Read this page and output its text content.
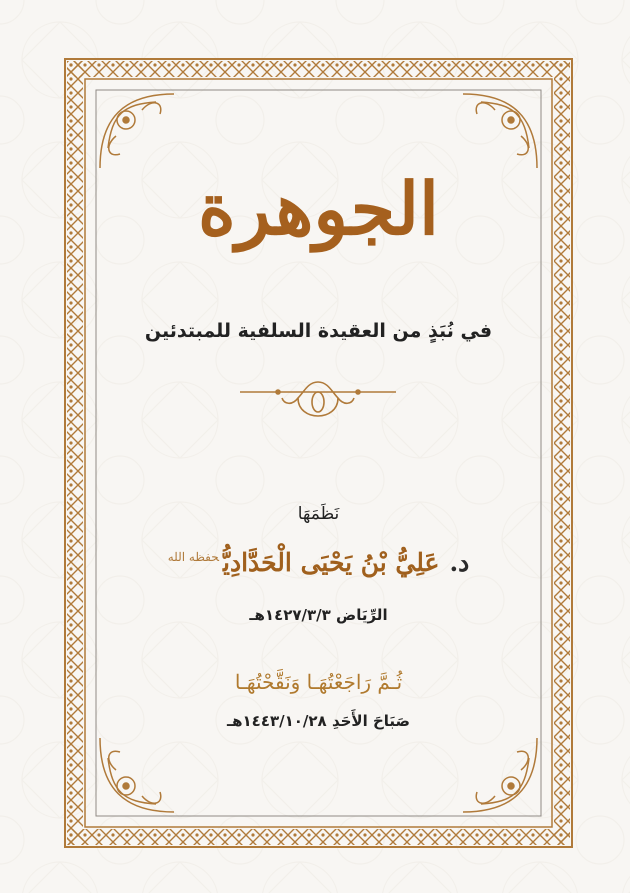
الجوهرة
في نُبَذٍ من العقيدة السلفية للمبتدئين
نَظَمَهَا
د.عَلِيُّ بْنُ يَحْيَى الْحَدَّادِيُّ$^{حفظه الله}$
الرِّيَاض ١٤٢٧/٣/٣هـ
ثُـمَّ رَاجَعْتُهَـا وَنَقَّحْتُهَـا
صَبَاحَ الأَحَدِ ١٤٤٣/١٠/٢٨هـ
